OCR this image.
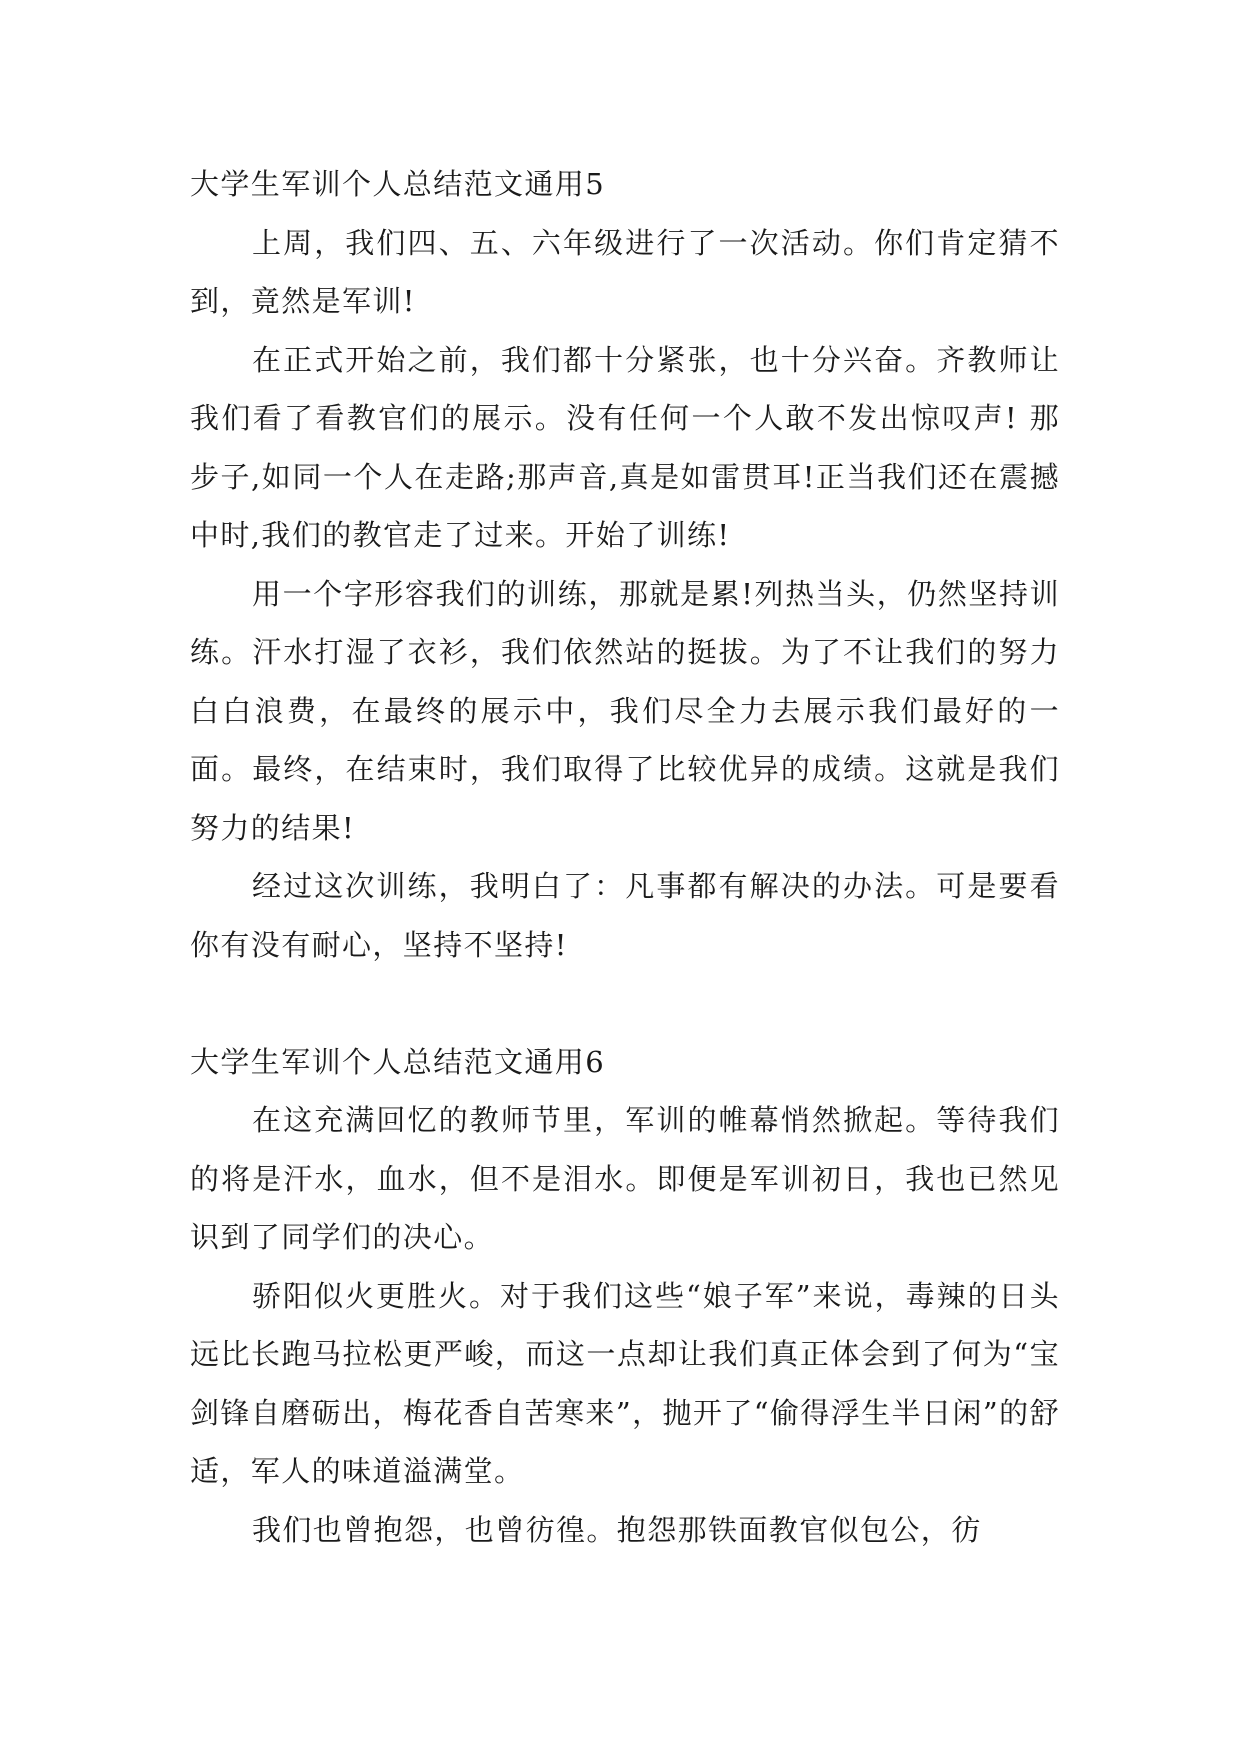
大学生军训个人总结范文通用5

上周，我们四、五、六年级进行了一次活动。你们肯定猜不到，竟然是军训!

在正式开始之前，我们都十分紧张，也十分兴奋。齐教师让我们看了看教官们的展示。没有任何一个人敢不发出惊叹声! 那步子,如同一个人在走路;那声音,真是如雷贯耳!正当我们还在震撼中时,我们的教官走了过来。开始了训练!

用一个字形容我们的训练，那就是累!列热当头，仍然坚持训练。汗水打湿了衣衫，我们依然站的挺拔。为了不让我们的努力白白浪费，在最终的展示中，我们尽全力去展示我们最好的一面。最终，在结束时，我们取得了比较优异的成绩。这就是我们努力的结果!

经过这次训练，我明白了：凡事都有解决的办法。可是要看你有没有耐心，坚持不坚持!

大学生军训个人总结范文通用6

在这充满回忆的教师节里，军训的帷幕悄然掀起。等待我们的将是汗水，血水，但不是泪水。即便是军训初日，我也已然见识到了同学们的决心。

骄阳似火更胜火。对于我们这些“娘子军”来说，毒辣的日头远比长跑马拉松更严峻，而这一点却让我们真正体会到了何为“宝剑锋自磨砺出，梅花香自苦寒来”，抛开了“偷得浮生半日闲”的舒适，军人的味道溢满堂。

我们也曾抱怨，也曾彷徨。抱怨那铁面教官似包公，彷
